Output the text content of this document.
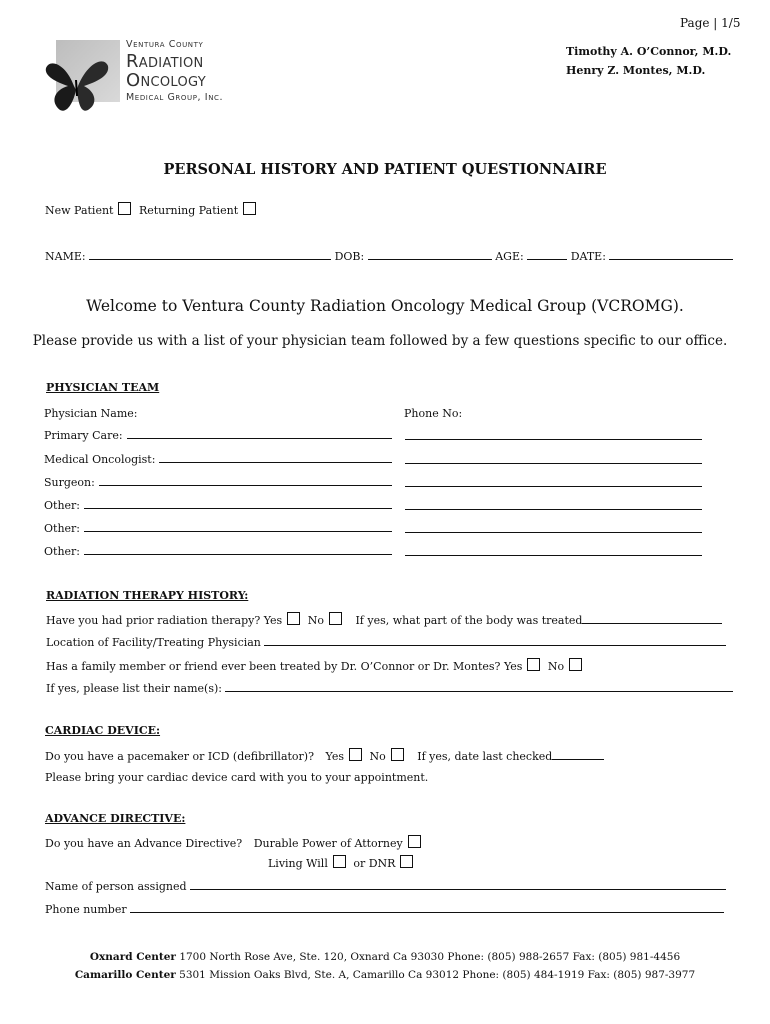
Page | 1/5
Ventura County
Radiation
Oncology
Medical Group, Inc.
Timothy A. O’Connor, M.D.
Henry Z. Montes, M.D.
PERSONAL HISTORY AND PATIENT QUESTIONNAIRE
New Patient Returning Patient
NAME:	DOB:	AGE:	DATE:
Welcome to Ventura County Radiation Oncology Medical Group (VCROMG).
Please provide us with a list of your physician team followed by a few questions specific to our office.
PHYSICIAN TEAM
Physician Name:	Phone No:
Primary Care:
Medical Oncologist:
Surgeon:
Other:
Other:
Other:
RADIATION THERAPY HISTORY:
Have you had prior radiation therapy? Yes No	If yes, what part of the body was treated
Location of Facility/Treating Physician
Has a family member or friend ever been treated by Dr. O’Connor or Dr. Montes? Yes No
If yes, please list their name(s):
CARDIAC DEVICE:
Do you have a pacemaker or ICD (defibrillator)? Yes No	If yes, date last checked
Please bring your cardiac device card with you to your appointment.
ADVANCE DIRECTIVE:
Do you have an Advance Directive? Durable Power of Attorney
Living Will or DNR
Name of person assigned
Phone number
Oxnard Center 1700 North Rose Ave, Ste. 120, Oxnard Ca 93030 Phone: (805) 988-2657 Fax: (805) 981-4456
Camarillo Center 5301 Mission Oaks Blvd, Ste. A, Camarillo Ca 93012 Phone: (805) 484-1919 Fax: (805) 987-3977
